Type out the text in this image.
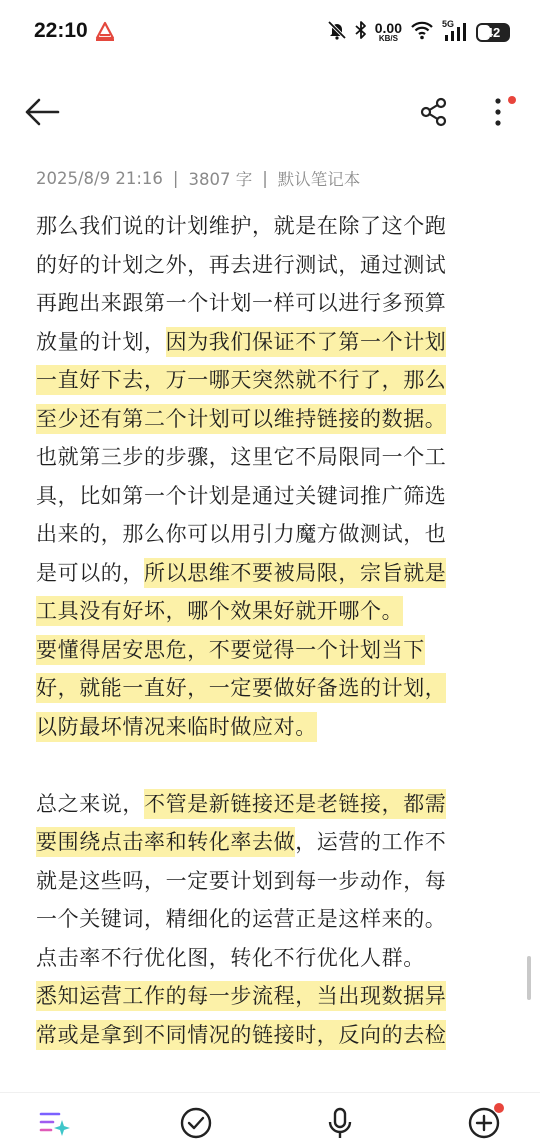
22:10	0.00
KB/S
5G
42
2025/8/9 21:16 | 3807 字 | 默认笔记本
那么我们说的计划维护，就是在除了这个跑
的好的计划之外，再去进行测试，通过测试
再跑出来跟第一个计划一样可以进行多预算
放量的计划，因为我们保证不了第一个计划
一直好下去，万一哪天突然就不行了，那么
至少还有第二个计划可以维持链接的数据。
也就第三步的步骤，这里它不局限同一个工
具，比如第一个计划是通过关键词推广筛选
出来的，那么你可以用引力魔方做测试，也
是可以的，所以思维不要被局限，宗旨就是
工具没有好坏，哪个效果好就开哪个。
要懂得居安思危，不要觉得一个计划当下
好，就能一直好，一定要做好备选的计划，
以防最坏情况来临时做应对。
总之来说，不管是新链接还是老链接，都需
要围绕点击率和转化率去做，运营的工作不
就是这些吗，一定要计划到每一步动作，每
一个关键词，精细化的运营正是这样来的。
点击率不行优化图，转化不行优化人群。
悉知运营工作的每一步流程，当出现数据异
常或是拿到不同情况的链接时，反向的去检
